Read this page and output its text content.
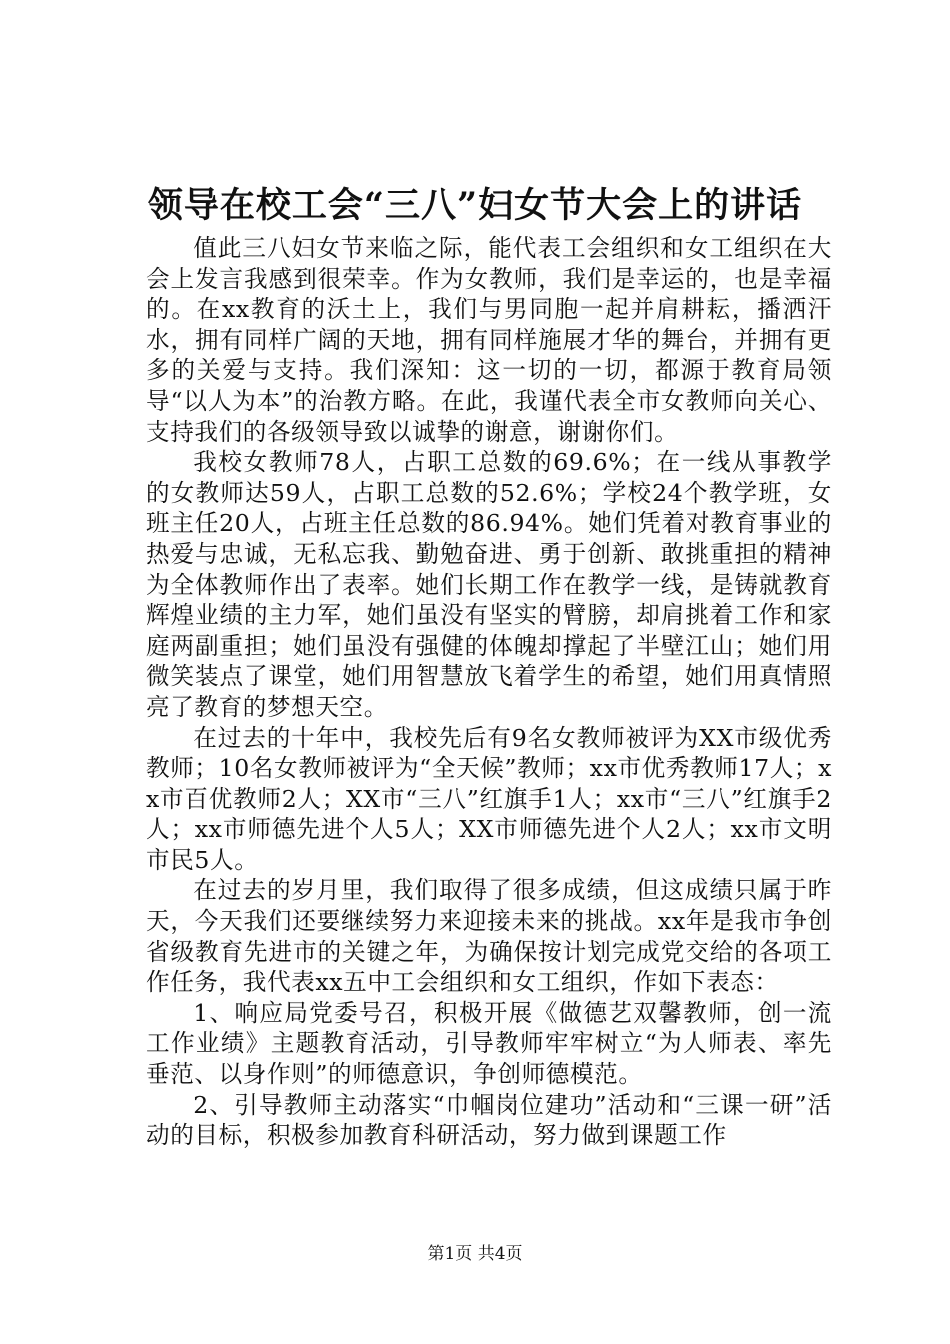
领导在校工会“三八”妇女节大会上的讲话

值此三八妇女节来临之际，能代表工会组织和女工组织在大会上发言我感到很荣幸。作为女教师，我们是幸运的，也是幸福的。在xx教育的沃土上，我们与男同胞一起并肩耕耘，播洒汗水，拥有同样广阔的天地，拥有同样施展才华的舞台，并拥有更多的关爱与支持。我们深知：这一切的一切，都源于教育局领导“以人为本”的治教方略。在此，我谨代表全市女教师向关心、支持我们的各级领导致以诚挚的谢意，谢谢你们。

我校女教师78人，占职工总数的69.6%；在一线从事教学的女教师达59人，占职工总数的52.6%；学校24个教学班，女班主任20人，占班主任总数的86.94%。她们凭着对教育事业的热爱与忠诚，无私忘我、勤勉奋进、勇于创新、敢挑重担的精神为全体教师作出了表率。她们长期工作在教学一线，是铸就教育辉煌业绩的主力军，她们虽没有坚实的臂膀，却肩挑着工作和家庭两副重担；她们虽没有强健的体魄却撑起了半壁江山；她们用微笑装点了课堂，她们用智慧放飞着学生的希望，她们用真情照亮了教育的梦想天空。

在过去的十年中，我校先后有9名女教师被评为XX市级优秀教师；10名女教师被评为“全天候”教师；xx市优秀教师17人；xx市百优教师2人；XX市“三八”红旗手1人；xx市“三八”红旗手2人；xx市师德先进个人5人；XX市师德先进个人2人；xx市文明市民5人。

在过去的岁月里，我们取得了很多成绩，但这成绩只属于昨天，今天我们还要继续努力来迎接未来的挑战。xx年是我市争创省级教育先进市的关键之年，为确保按计划完成党交给的各项工作任务，我代表xx五中工会组织和女工组织，作如下表态：

1、响应局党委号召，积极开展《做德艺双馨教师，创一流工作业绩》主题教育活动，引导教师牢牢树立“为人师表、率先垂范、以身作则”的师德意识，争创师德模范。

2、引导教师主动落实“巾帼岗位建功”活动和“三课一研”活动的目标，积极参加教育科研活动，努力做到课题工作

第1页 共4页
